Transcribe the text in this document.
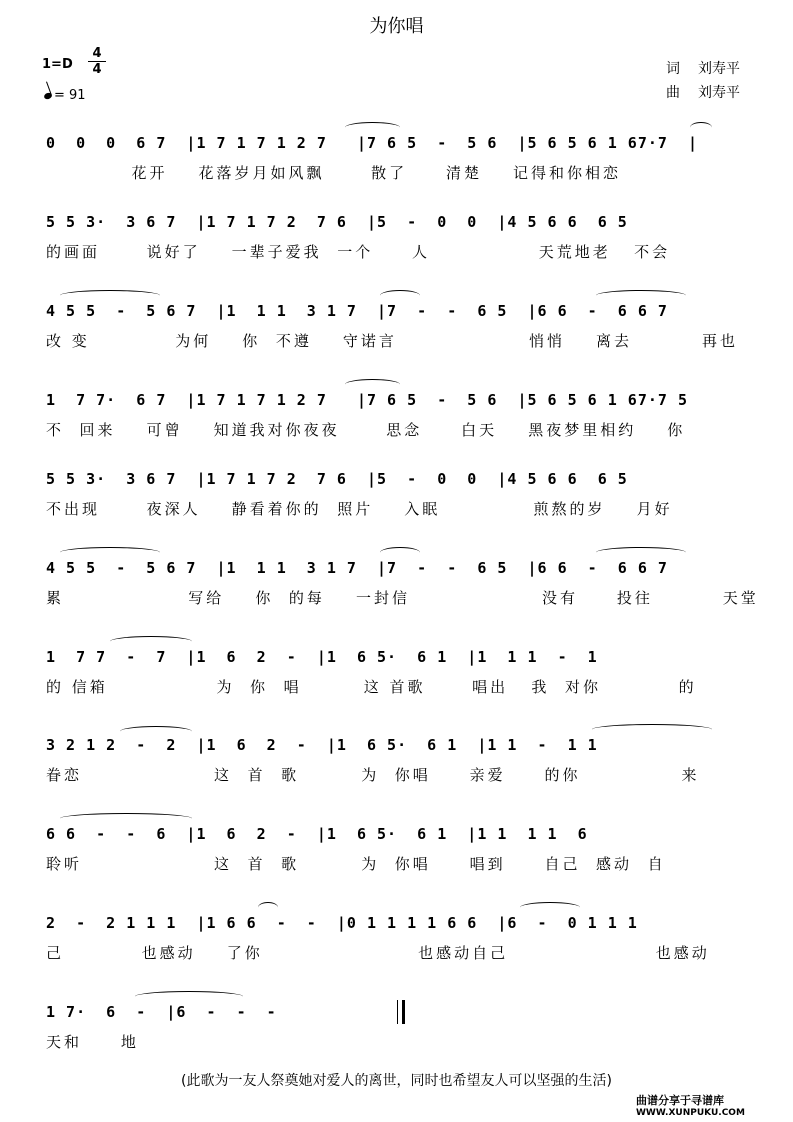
为你唱
1=D
4
4
= 91
词 刘寿平
曲 刘寿平
0  0  0  6 7  |1 7 1 7 1 2 7   |7 6 5  -  5 6  |5 6 5 6 1 67·7  |
花开    花落岁月如风飘      散了     清楚    记得和你相恋
5 5 3·  3 6 7  |1 7 1 7 2  7 6  |5  -  0  0  |4 5 6 6  6 5
的画面      说好了    一辈子爱我  一个     人              天荒地老   不会
4 5 5  -  5 6 7  |1  1 1  3 1 7  |7  -  -  6 5  |6 6  -  6 6 7
改 变           为何    你  不遵    守诺言                 悄悄    离去         再也
1  7 7·  6 7  |1 7 1 7 1 2 7   |7 6 5  -  5 6  |5 6 5 6 1 67·7 5
不  回来    可曾    知道我对你夜夜      思念     白天    黑夜梦里相约    你
5 5 3·  3 6 7  |1 7 1 7 2  7 6  |5  -  0  0  |4 5 6 6  6 5
不出现      夜深人    静看着你的  照片    入眠            煎熬的岁    月好
4 5 5  -  5 6 7  |1  1 1  3 1 7  |7  -  -  6 5  |6 6  -  6 6 7
累                写给    你  的每    一封信                 没有     投往         天堂
1  7 7  -  7  |1  6  2  -  |1  6 5·  6 1  |1  1 1  -  1
的 信箱              为  你  唱        这 首歌      唱出   我  对你          的
3 2 1 2  -  2  |1  6  2  -  |1  6 5·  6 1  |1 1  -  1 1
眷恋                 这  首  歌        为  你唱     亲爱     的你             来
6 6  -  -  6  |1  6  2  -  |1  6 5·  6 1  |1 1  1 1  6
聆听                 这  首  歌        为  你唱     唱到     自己  感动  自
2  -  2 1 1 1  |1 6 6  -  -  |0 1 1 1 1 6 6  |6  -  0 1 1 1
己          也感动    了你                    也感动自己                   也感动
1 7·  6  -  |6  -  -  -
天和     地
(此歌为一友人祭奠她对爱人的离世，同时也希望友人可以坚强的生活)
曲谱分享于寻谱库
WWW.XUNPUKU.COM
